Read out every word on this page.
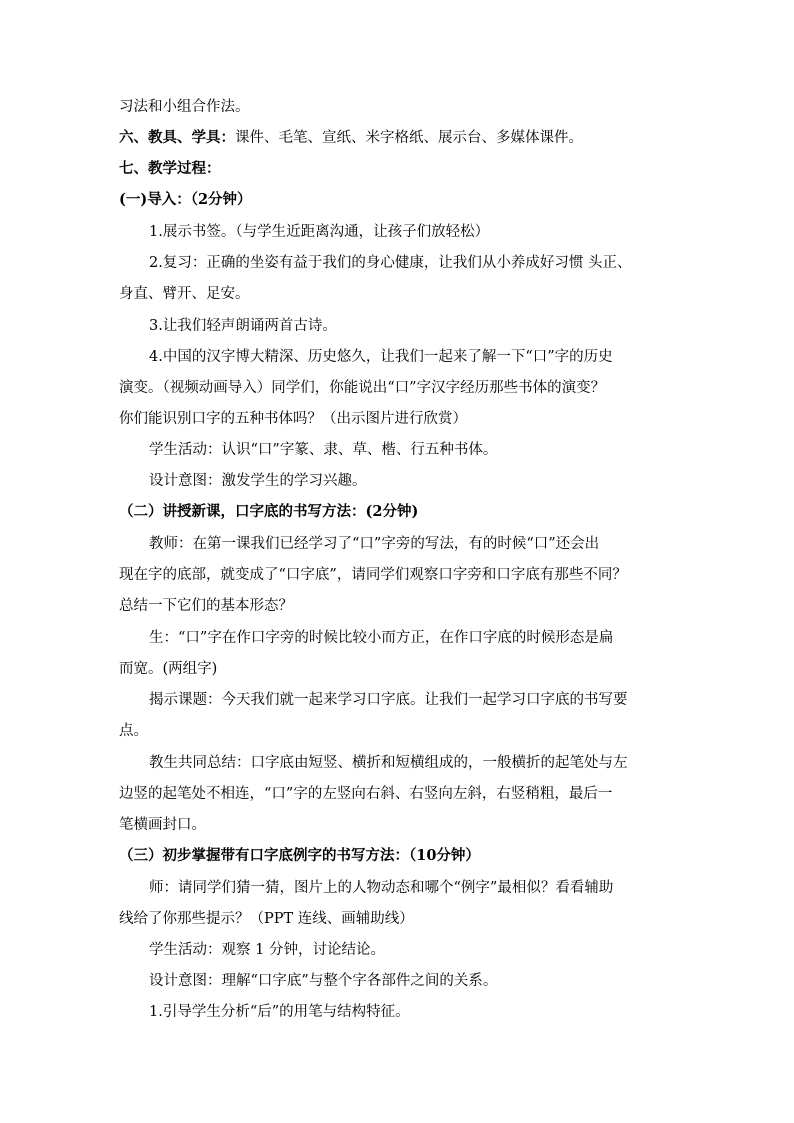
习法和小组合作法。

六、教具、学具：课件、毛笔、宣纸、米字格纸、展示台、多媒体课件。

七、教学过程：

(一)导入：（2分钟）

1.展示书签。（与学生近距离沟通，让孩子们放轻松）

2.复习：正确的坐姿有益于我们的身心健康，让我们从小养成好习惯 头正、

身直、臂开、足安。

3.让我们轻声朗诵两首古诗。

4.中国的汉字博大精深、历史悠久，让我们一起来了解一下“口”字的历史

演变。（视频动画导入）同学们，你能说出“口”字汉字经历那些书体的演变？

你们能识别口字的五种书体吗？（出示图片进行欣赏）

学生活动：认识“口”字篆、隶、草、楷、行五种书体。

设计意图：激发学生的学习兴趣。

（二）讲授新课，口字底的书写方法：(2分钟)

教师：在第一课我们已经学习了“口”字旁的写法，有的时候“口”还会出

现在字的底部，就变成了“口字底”，请同学们观察口字旁和口字底有那些不同？

总结一下它们的基本形态？

生：“口”字在作口字旁的时候比较小而方正，在作口字底的时候形态是扁

而宽。(两组字)

揭示课题：今天我们就一起来学习口字底。让我们一起学习口字底的书写要

点。

教生共同总结：口字底由短竖、横折和短横组成的，一般横折的起笔处与左

边竖的起笔处不相连，“口”字的左竖向右斜、右竖向左斜，右竖稍粗，最后一

笔横画封口。

（三）初步掌握带有口字底例字的书写方法：（10分钟）

师：请同学们猜一猜，图片上的人物动态和哪个“例字”最相似？看看辅助

线给了你那些提示？（PPT 连线、画辅助线）

学生活动：观察 1 分钟，讨论结论。

设计意图：理解“口字底”与整个字各部件之间的关系。

1.引导学生分析“后”的用笔与结构特征。
